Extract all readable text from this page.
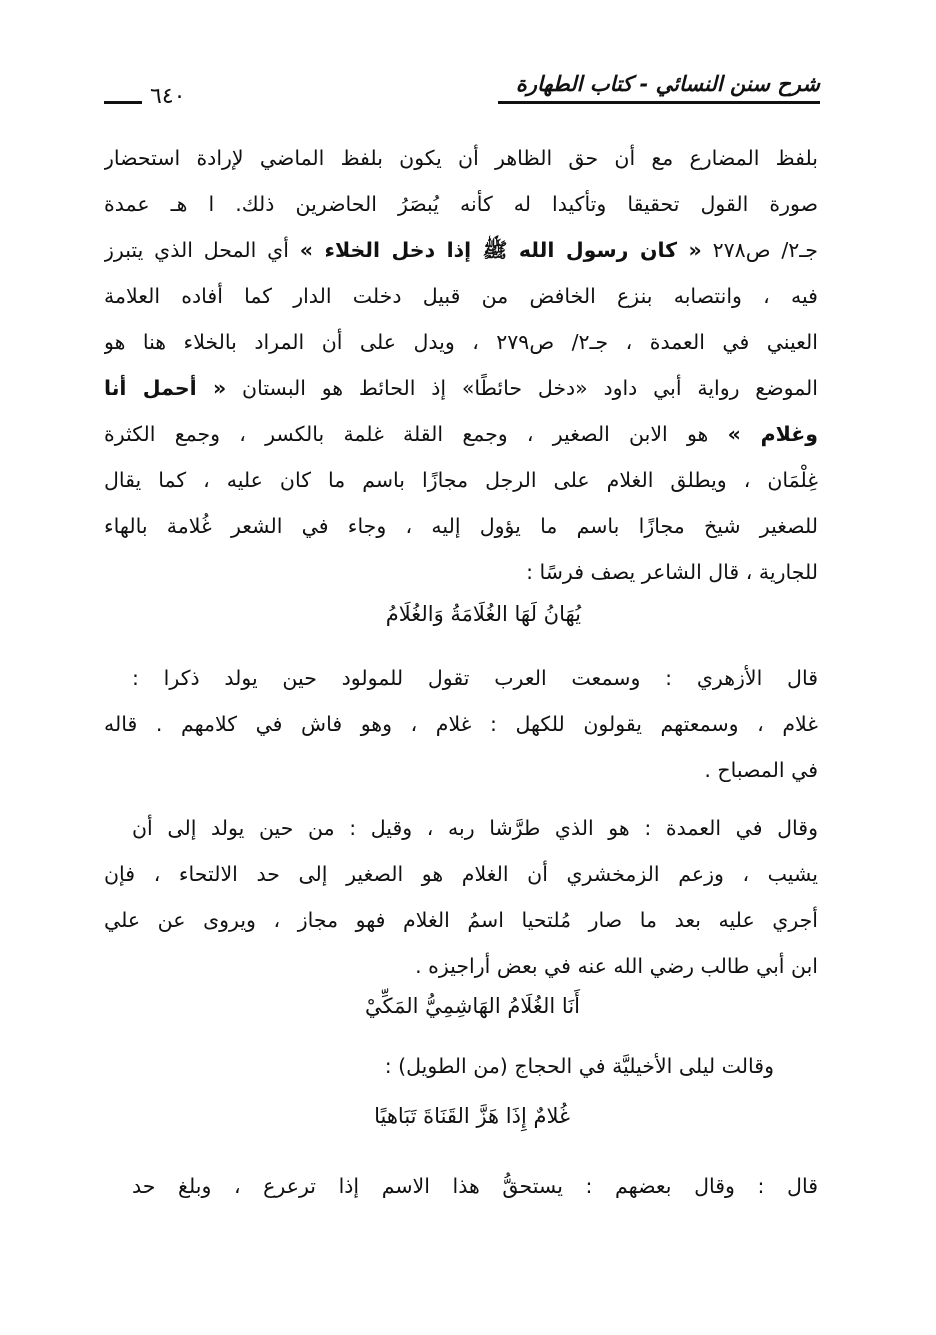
شرح سنن النسائي - كتاب الطهارة
٦٤٠
بلفظ المضارع مع أن حق الظاهر أن يكون بلفظ الماضي لإرادة استحضار
صورة القول تحقيقا وتأكيدا له كأنه يُبصَرُ الحاضرين ذلك. ا هـ عمدة
جـ٢/ ص٢٧٨ « كان رسول الله ﷺ إذا دخل الخلاء » أي المحل الذي يتبرز
فيه ، وانتصابه بنزع الخافض من قبيل دخلت الدار كما أفاده العلامة
العيني في العمدة ، جـ٢/ ص٢٧٩ ، ويدل على أن المراد بالخلاء هنا هو
الموضع رواية أبي داود «دخل حائطًا» إذ الحائط هو البستان « أحمل أنا
وغلام » هو الابن الصغير ، وجمع القلة غلمة بالكسر ، وجمع الكثرة
غِلْمَان ، ويطلق الغلام على الرجل مجازًا باسم ما كان عليه ، كما يقال
للصغير شيخ مجازًا باسم ما يؤول إليه ، وجاء في الشعر غُلامة بالهاء
للجارية ، قال الشاعر يصف فرسًا :
يُهَانُ لَهَا الغُلَامَةُ وَالغُلَامُ
قال الأزهري : وسمعت العرب تقول للمولود حين يولد ذكرا :
غلام ، وسمعتهم يقولون للكهل : غلام ، وهو فاش في كلامهم . قاله
في المصباح .
وقال في العمدة : هو الذي طرَّشا ربه ، وقيل : من حين يولد إلى أن
يشيب ، وزعم الزمخشري أن الغلام هو الصغير إلى حد الالتحاء ، فإن
أجري عليه بعد ما صار مُلتحيا اسمُ الغلام فهو مجاز ، ويروى عن علي
ابن أبي طالب رضي الله عنه في بعض أراجيزه .
أَنَا الغُلَامُ الهَاشِمِيُّ المَكِّيْ
وقالت ليلى الأخيليَّة في الحجاج (من الطويل) :
غُلامٌ إِذَا هَزَّ القَنَاةَ تَبَاهيًا
قال : وقال بعضهم : يستحقُّ هذا الاسم إذا ترعرع ، وبلغ حد
